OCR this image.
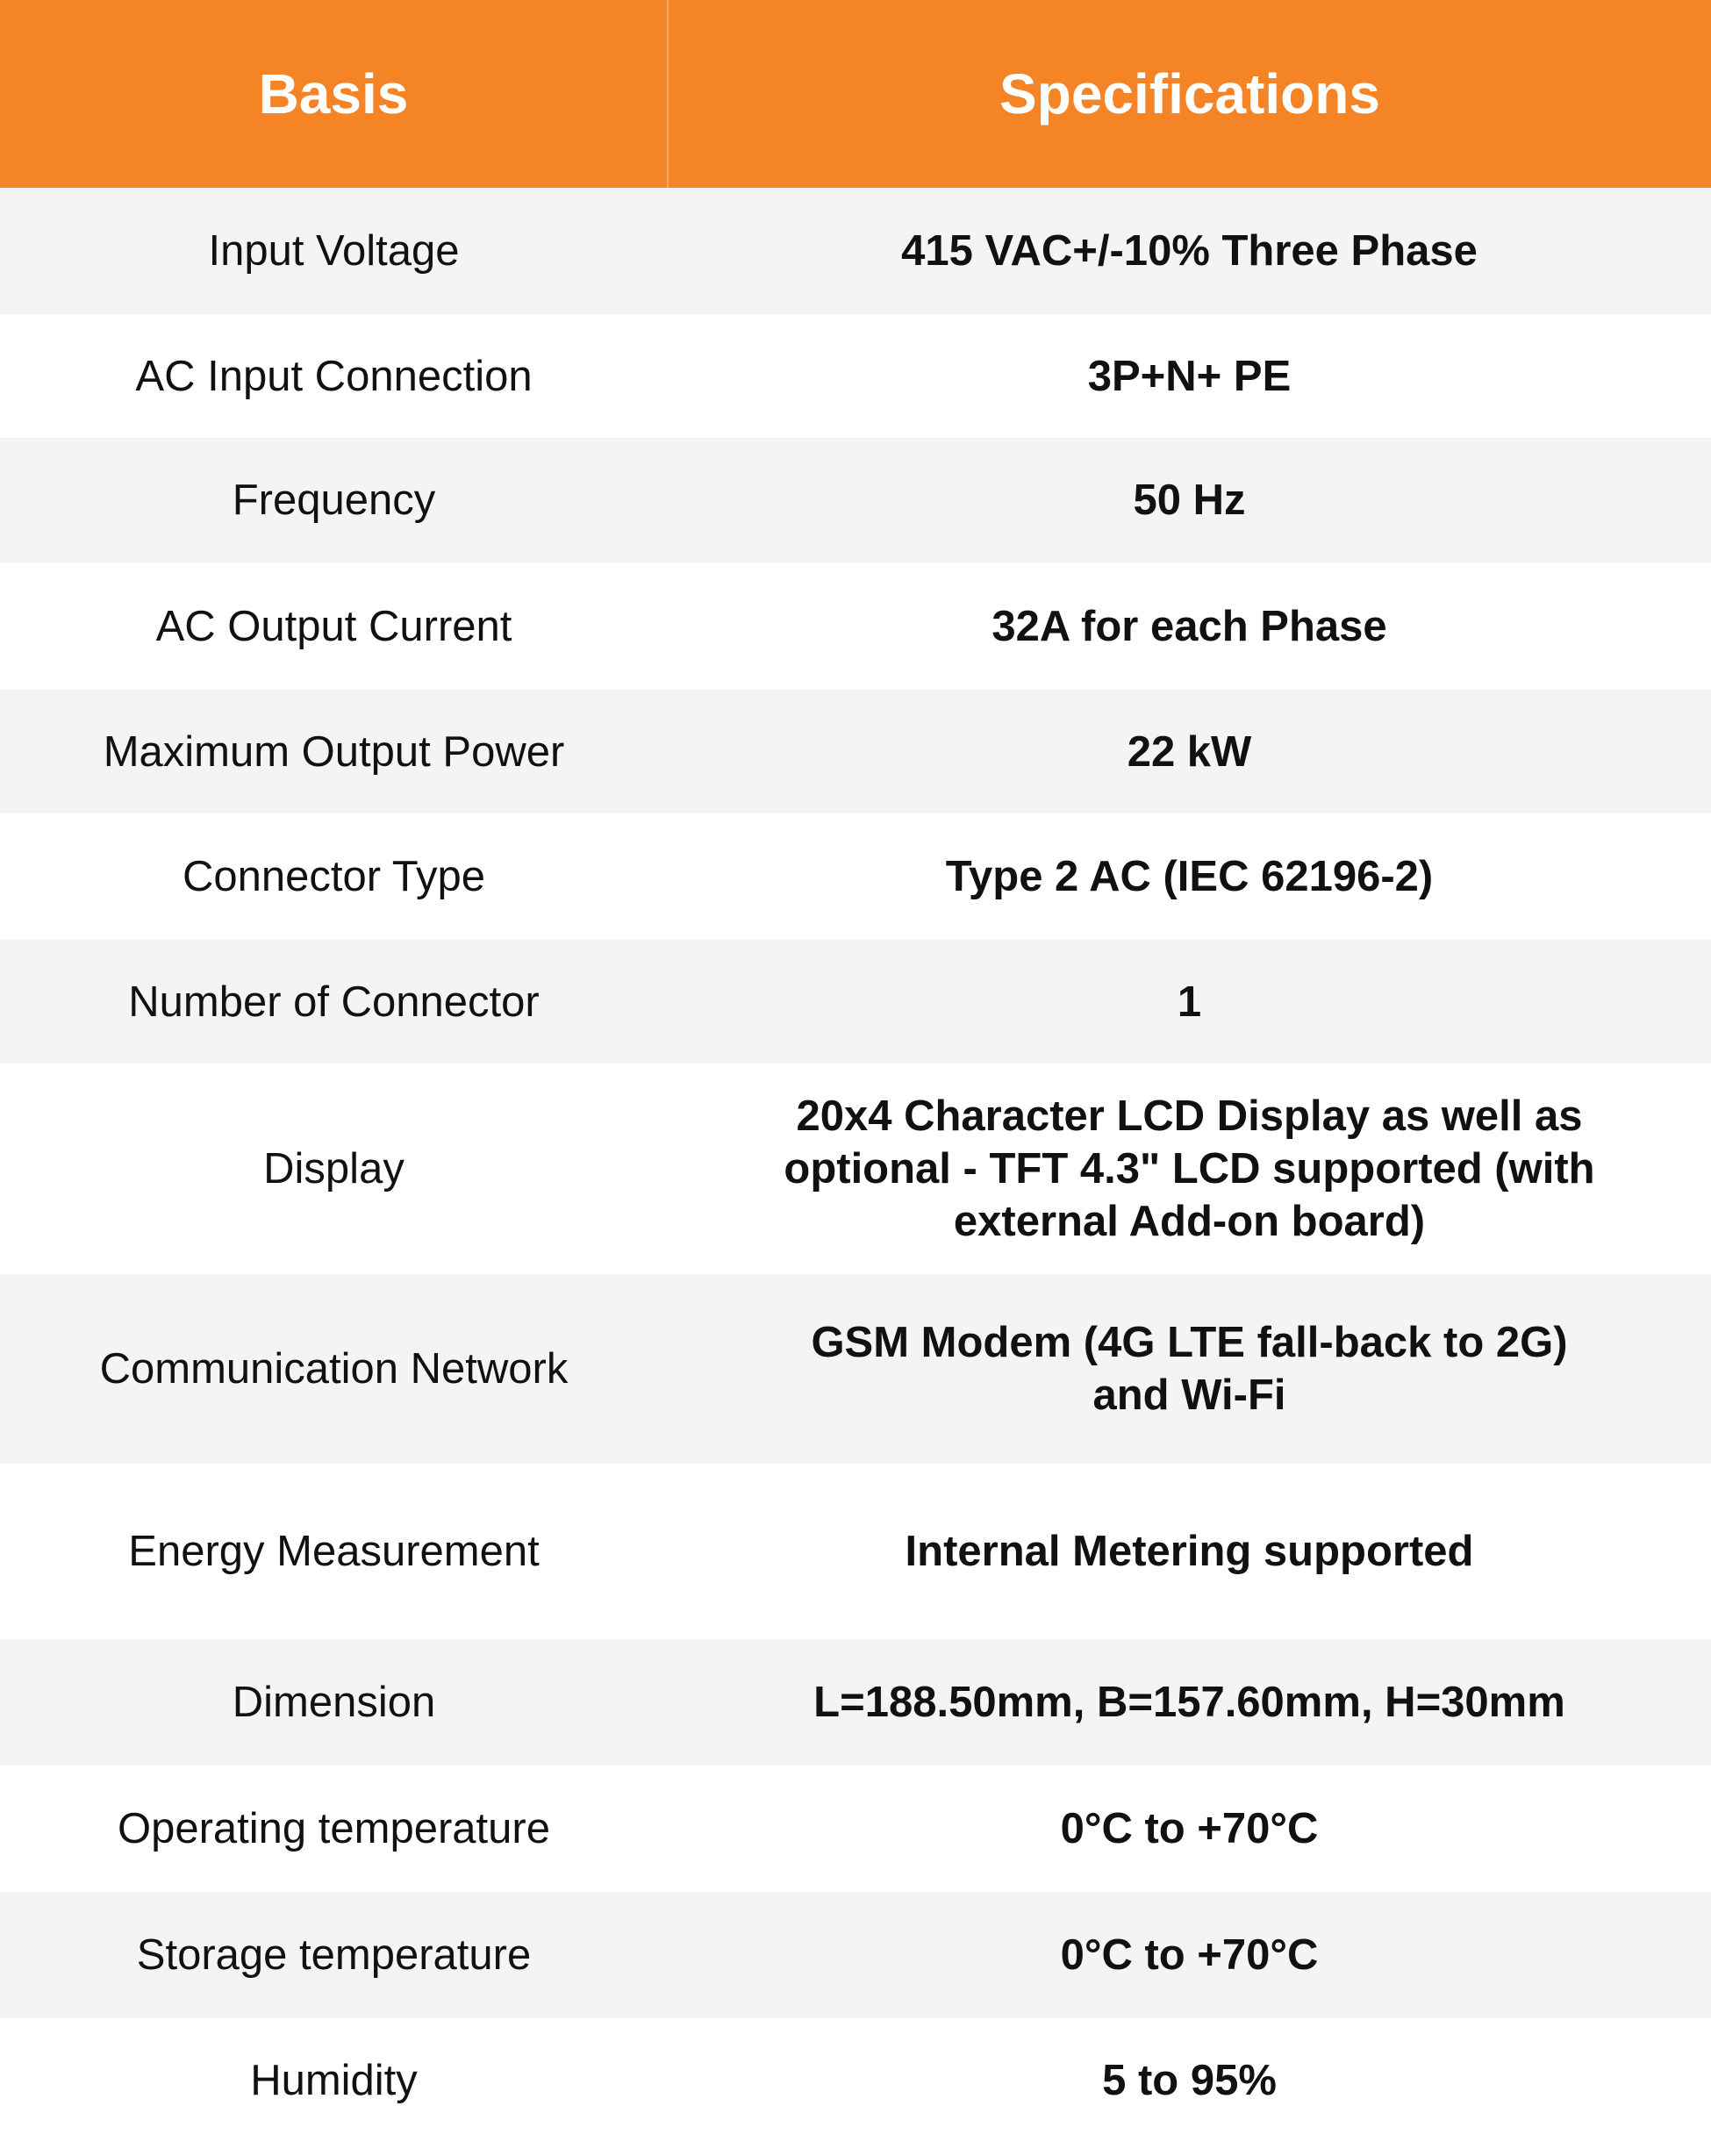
Basis	Specifications
Input Voltage	415 VAC+/-10% Three Phase
AC Input Connection	3P+N+ PE
Frequency	50 Hz
AC Output Current	32A for each Phase
Maximum Output Power	22 kW
Connector Type	Type 2 AC (IEC 62196-2)
Number of Connector	1
Display	20x4 Character LCD Display as well as optional - TFT 4.3" LCD supported (with external Add-on board)
Communication Network	GSM Modem (4G LTE fall-back to 2G) and Wi-Fi
Energy Measurement	Internal Metering supported
Dimension	L=188.50mm, B=157.60mm, H=30mm
Operating temperature	0°C to +70°C
Storage temperature	0°C to +70°C
Humidity	5 to 95%
